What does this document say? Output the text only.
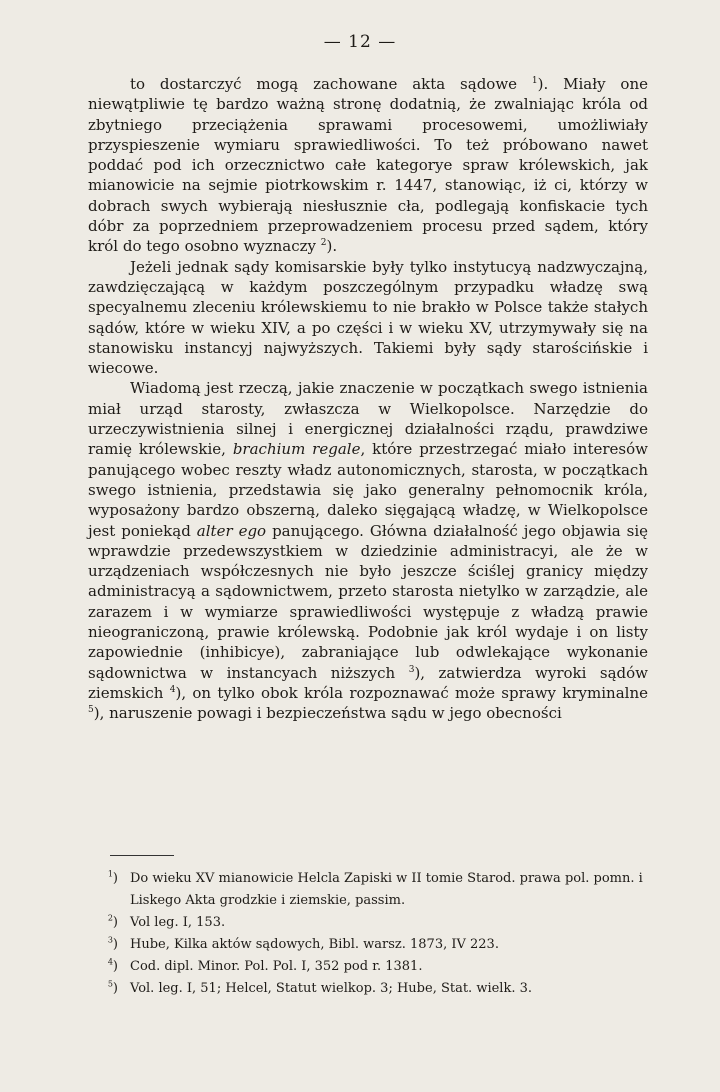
— 12 —

to dostarczyć mogą zachowane akta sądowe $^1$). Miały one niewątpliwie tę bardzo ważną stronę dodatnią, że zwalniając króla od zbytniego przeciążenia sprawami procesowemi, umożliwiały przyspieszenie wymiaru sprawiedliwości. To też próbowano nawet poddać pod ich orzecznictwo całe kategorye spraw królewskich, jak mianowicie na sejmie piotrkowskim r. 1447, stanowiąc, iż ci, którzy w dobrach swych wybierają niesłusznie cła, podlegają konfiskacie tych dóbr za poprzedniem przeprowadzeniem procesu przed sądem, który król do tego osobno wyznaczy $^2$).

Jeżeli jednak sądy komisarskie były tylko instytucyą nadzwyczajną, zawdzięczającą w każdym poszczególnym przypadku władzę swą specyalnemu zleceniu królewskiemu to nie brakło w Polsce także stałych sądów, które w wieku XIV, a po części i w wieku XV, utrzymywały się na stanowisku instancyj najwyższych. Takiemi były sądy starościńskie i wiecowe.

Wiadomą jest rzeczą, jakie znaczenie w początkach swego istnienia miał urząd starosty, zwłaszcza w Wielkopolsce. Narzędzie do urzeczywistnienia silnej i energicznej działalności rządu, prawdziwe ramię królewskie, brachium regale, które przestrzegać miało interesów panującego wobec reszty władz autonomicznych, starosta, w początkach swego istnienia, przedstawia się jako generalny pełnomocnik króla, wyposażony bardzo obszerną, daleko sięgającą władzę, w Wielkopolsce jest poniekąd alter ego panującego. Główna działalność jego objawia się wprawdzie przedewszystkiem w dziedzinie administracyi, ale że w urządzeniach współczesnych nie było jeszcze ściślej granicy między administracyą a sądownictwem, przeto starosta nietylko w zarządzie, ale zarazem i w wymiarze sprawiedliwości występuje z władzą prawie nieograniczoną, prawie królewską. Podobnie jak król wydaje i on listy zapowiednie (inhibicye), zabraniające lub odwlekające wykonanie sądownictwa w instancyach niższych $^3$), zatwierdza wyroki sądów ziemskich $^4$), on tylko obok króla rozpoznawać może sprawy kryminalne $^5$), naruszenie powagi i bezpieczeństwa sądu w jego obecności

$^1$) Do wieku XV mianowicie Helcla Zapiski w II tomie Starod. prawa pol. pomn. i Liskego Akta grodzkie i ziemskie, passim.

$^2$) Vol leg. I, 153.

$^3$) Hube, Kilka aktów sądowych, Bibl. warsz. 1873, IV 223.

$^4$) Cod. dipl. Minor. Pol. Pol. I, 352 pod r. 1381.

$^5$) Vol. leg. I, 51; Helcel, Statut wielkop. 3; Hube, Stat. wielk. 3.
